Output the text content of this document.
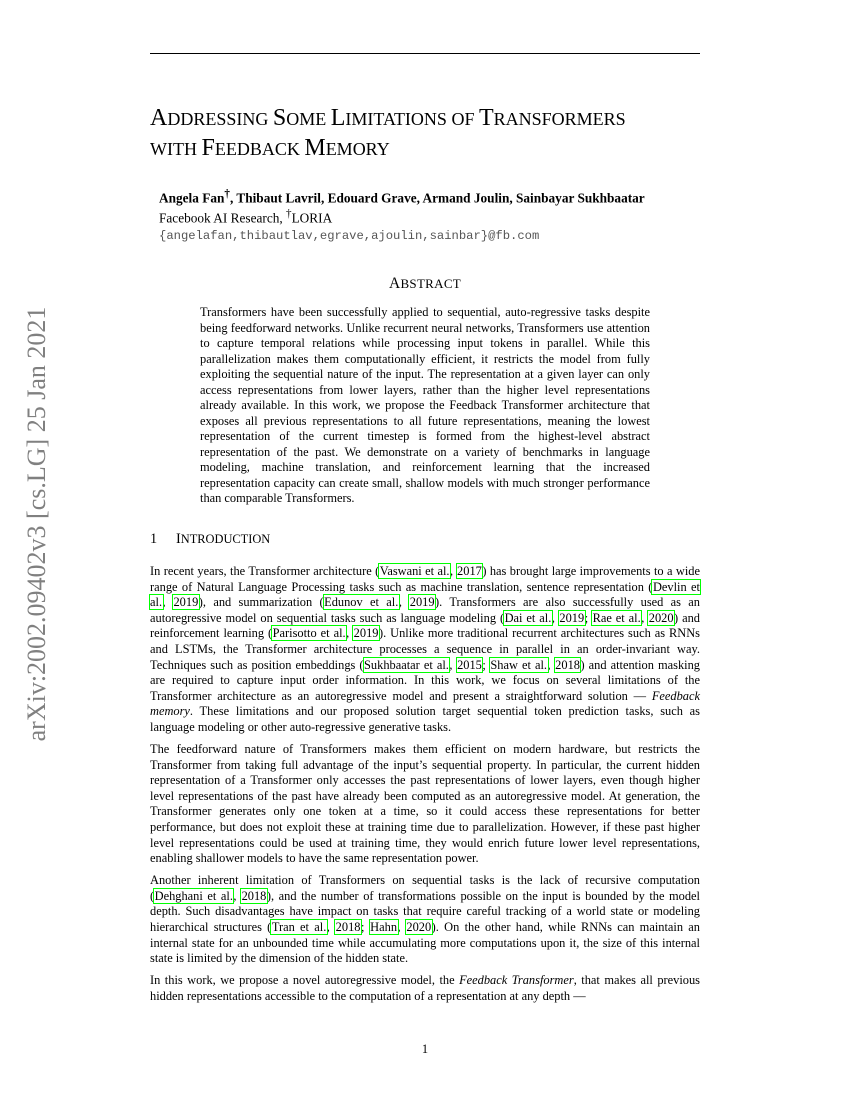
arXiv:2002.09402v3 [cs.LG] 25 Jan 2021
ADDRESSING SOME LIMITATIONS OF TRANSFORMERS
WITH FEEDBACK MEMORY
Angela Fan†, Thibaut Lavril, Edouard Grave, Armand Joulin, Sainbayar Sukhbaatar
Facebook AI Research, †LORIA
{angelafan,thibautlav,egrave,ajoulin,sainbar}@fb.com
ABSTRACT

Transformers have been successfully applied to sequential, auto-regressive tasks despite being feedforward networks. Unlike recurrent neural networks, Transformers use attention to capture temporal relations while processing input tokens in parallel. While this parallelization makes them computationally efficient, it restricts the model from fully exploiting the sequential nature of the input. The representation at a given layer can only access representations from lower layers, rather than the higher level representations already available. In this work, we propose the Feedback Transformer architecture that exposes all previous representations to all future representations, meaning the lowest representation of the current timestep is formed from the highest-level abstract representation of the past. We demonstrate on a variety of benchmarks in language modeling, machine translation, and reinforcement learning that the increased representation capacity can create small, shallow models with much stronger performance than comparable Transformers.

1 INTRODUCTION

In recent years, the Transformer architecture (Vaswani et al., 2017) has brought large improvements to a wide range of Natural Language Processing tasks such as machine translation, sentence representation (Devlin et al., 2019), and summarization (Edunov et al., 2019). Transformers are also successfully used as an autoregressive model on sequential tasks such as language modeling (Dai et al., 2019; Rae et al., 2020) and reinforcement learning (Parisotto et al., 2019). Unlike more traditional recurrent architectures such as RNNs and LSTMs, the Transformer architecture processes a sequence in parallel in an order-invariant way. Techniques such as position embeddings (Sukhbaatar et al., 2015; Shaw et al., 2018) and attention masking are required to capture input order information. In this work, we focus on several limitations of the Transformer architecture as an autoregressive model and present a straightforward solution — Feedback memory. These limitations and our proposed solution target sequential token prediction tasks, such as language modeling or other auto-regressive generative tasks.

The feedforward nature of Transformers makes them efficient on modern hardware, but restricts the Transformer from taking full advantage of the input’s sequential property. In particular, the current hidden representation of a Transformer only accesses the past representations of lower layers, even though higher level representations of the past have already been computed as an autoregressive model. At generation, the Transformer generates only one token at a time, so it could access these representations for better performance, but does not exploit these at training time due to parallelization. However, if these past higher level representations could be used at training time, they would enrich future lower level representations, enabling shallower models to have the same representation power.

Another inherent limitation of Transformers on sequential tasks is the lack of recursive computation (Dehghani et al., 2018), and the number of transformations possible on the input is bounded by the model depth. Such disadvantages have impact on tasks that require careful tracking of a world state or modeling hierarchical structures (Tran et al., 2018; Hahn, 2020). On the other hand, while RNNs can maintain an internal state for an unbounded time while accumulating more computations upon it, the size of this internal state is limited by the dimension of the hidden state.

In this work, we propose a novel autoregressive model, the Feedback Transformer, that makes all previous hidden representations accessible to the computation of a representation at any depth —

1
